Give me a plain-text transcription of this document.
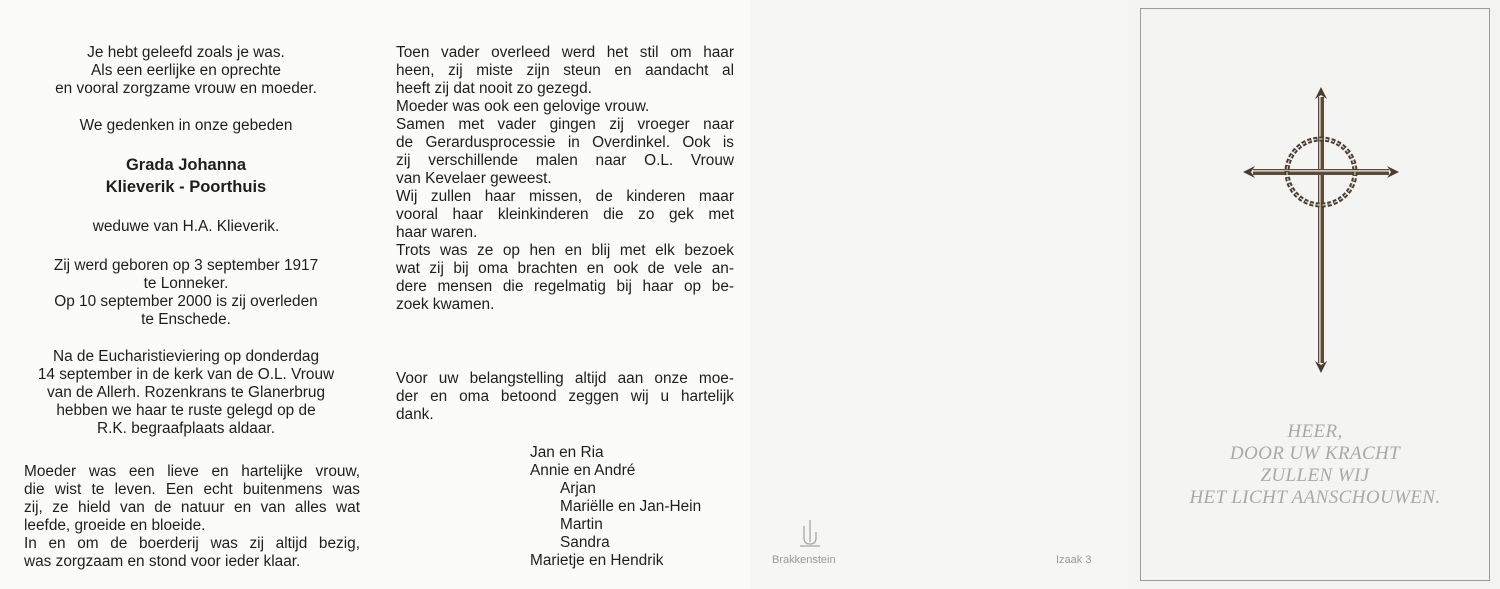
Je hebt geleefd zoals je was.
Als een eerlijke en oprechte
en vooral zorgzame vrouw en moeder.
We gedenken in onze gebeden
Grada Johanna
Klieverik - Poorthuis
weduwe van H.A. Klieverik.
Zij werd geboren op 3 september 1917
te Lonneker.
Op 10 september 2000 is zij overleden
te Enschede.
Na de Eucharistieviering op donderdag
14 september in de kerk van de O.L. Vrouw
van de Allerh. Rozenkrans te Glanerbrug
hebben we haar te ruste gelegd op de
R.K. begraafplaats aldaar.
Moeder was een lieve en hartelijke vrouw,
die wist te leven. Een echt buitenmens was
zij, ze hield van de natuur en van alles wat
leefde, groeide en bloeide.
In en om de boerderij was zij altijd bezig,
was zorgzaam en stond voor ieder klaar.
Toen vader overleed werd het stil om haar
heen, zij miste zijn steun en aandacht al
heeft zij dat nooit zo gezegd.
Moeder was ook een gelovige vrouw.
Samen met vader gingen zij vroeger naar
de Gerardusprocessie in Overdinkel. Ook is
zij verschillende malen naar O.L. Vrouw
van Kevelaer geweest.
Wij zullen haar missen, de kinderen maar
vooral haar kleinkinderen die zo gek met
haar waren.
Trots was ze op hen en blij met elk bezoek
wat zij bij oma brachten en ook de vele an-
dere mensen die regelmatig bij haar op be-
zoek kwamen.
Voor uw belangstelling altijd aan onze moe-
der en oma betoond zeggen wij u hartelijk
dank.
Jan en Ria
Annie en André
Arjan
Mariëlle en Jan-Hein
Martin
Sandra
Marietje en Hendrik	Brakkenstein	Izaak 3
HEER,
DOOR UW KRACHT
ZULLEN WIJ
HET LICHT AANSCHOUWEN.
